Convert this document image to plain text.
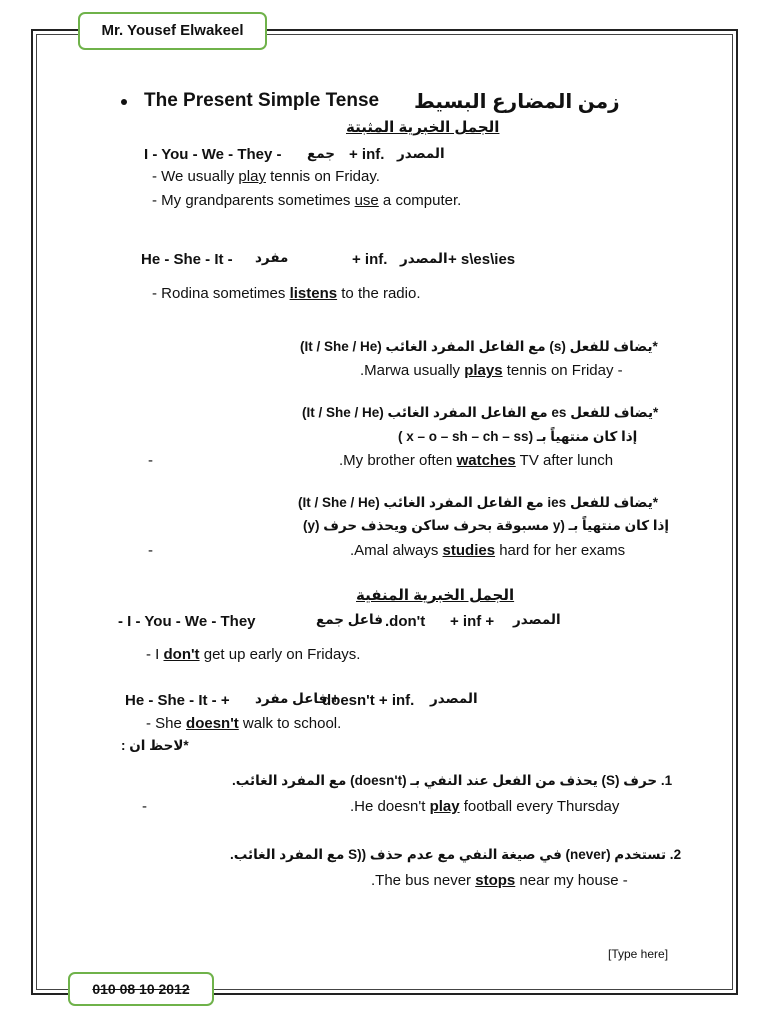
Mr. Yousef Elwakeel
The Present Simple Tense زمن المضارع البسيط
الجمل الخبرية المثبتة
I - You - We - They - جمع + inf. المصدر
- We usually play tennis on Friday.
- My grandparents sometimes use a computer.
He - She - It - مفرد	+ inf. المصدر + s\es\ies
- Rodina sometimes listens to the radio.
*يضاف للفعل (s) مع الفاعل المفرد الغائب (It / She / He)
.Marwa usually plays tennis on Friday -
*يضاف للفعل es مع الفاعل المفرد الغائب (It / She / He)
إذا كان منتهياً بـ (x – o – sh – ch – ss )
-	.My brother often watches TV after lunch
*يضاف للفعل ies مع الفاعل المفرد الغائب (It / She / He)
إذا كان منتهياً بـ (y مسبوقة بحرف ساكن ويحذف حرف (y)
-	.Amal always studies hard for her exams
الجمل الخبرية المنفية
- I - You - We - They	فاعل جمع .don't + inf + المصدر
- I don't get up early on Fridays.
He - She - It - + + فاعل مفرد
doesn't + inf. المصدر
- She doesn't walk to school.
*لاحظ ان :
1. حرف (S) يحذف من الفعل عند النفي بـ (doesn't) مع المفرد الغائب.
-	.He doesn't play football every Thursday
2. تستخدم (never) في صيغة النفي مع عدم حذف ((S مع المفرد الغائب.
.The bus never stops near my house -
[Type here]
010 08 10 2012
